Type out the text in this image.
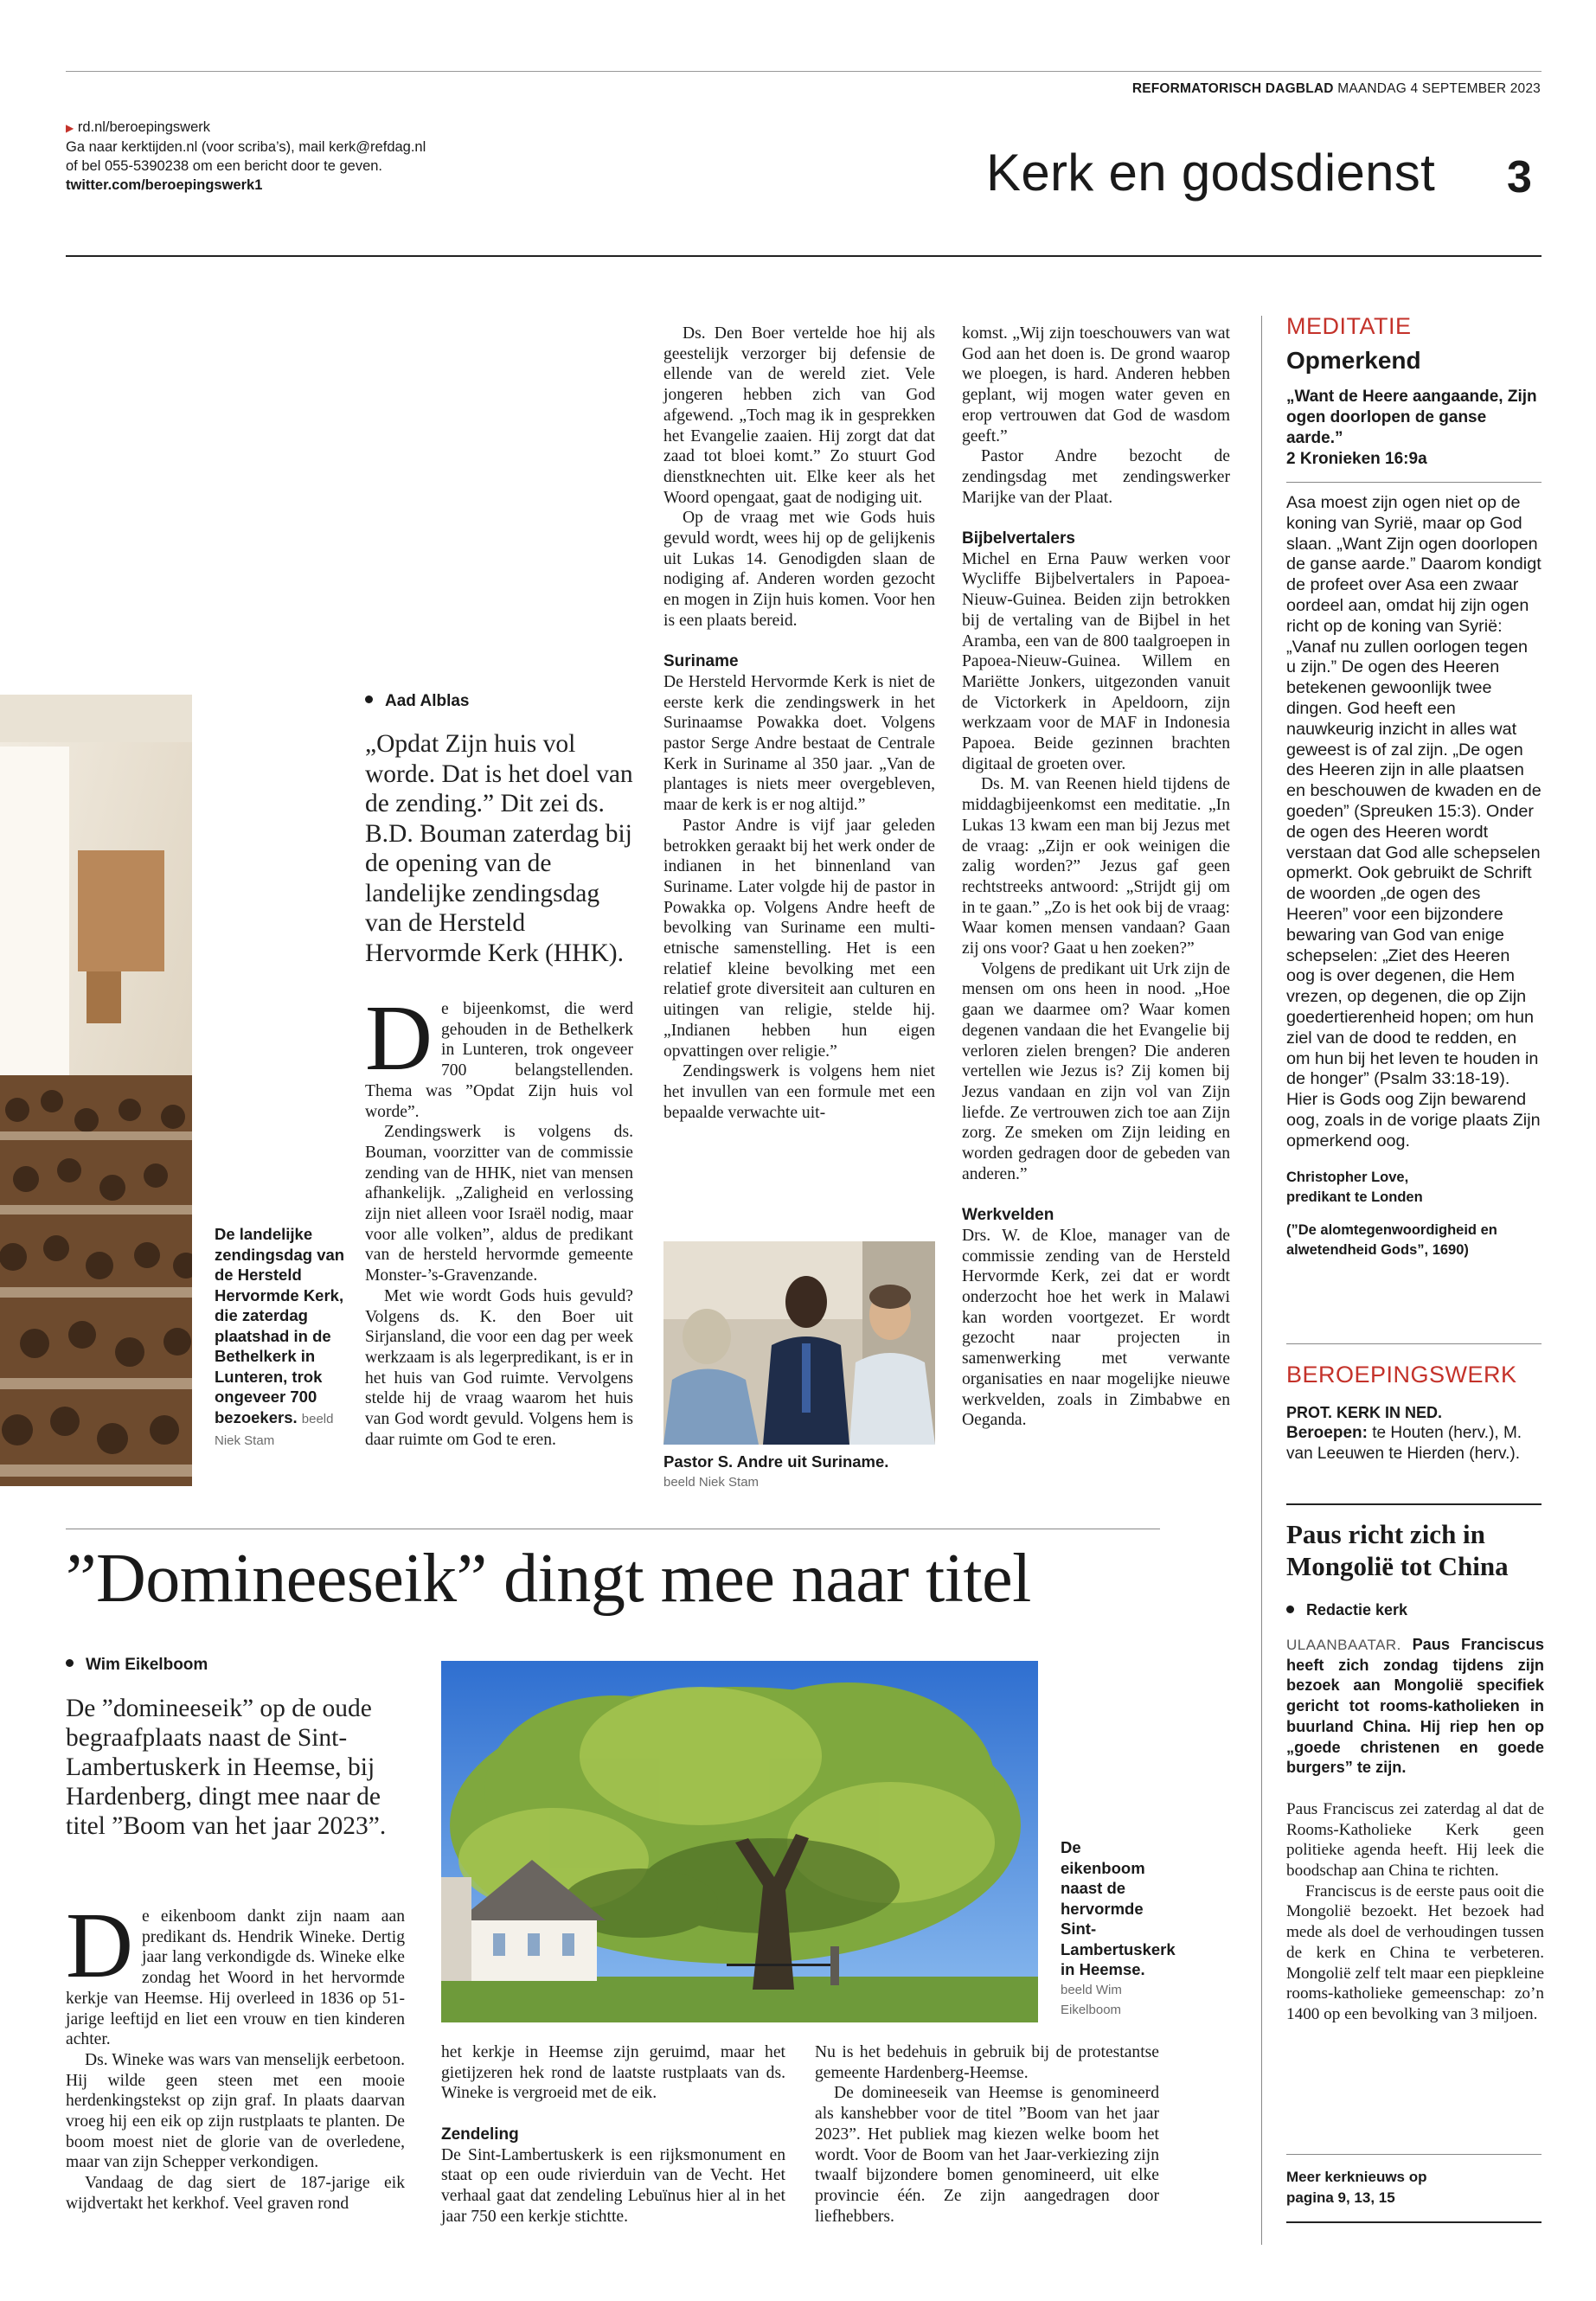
REFORMATORISCH DAGBLAD MAANDAG 4 SEPTEMBER 2023
▶ rd.nl/beroepingswerk
Ga naar kerktijden.nl (voor scriba’s), mail kerk@refdag.nl
of bel 055-5390238 om een bericht door te geven.
twitter.com/beroepingswerk1	Kerk en godsdienst 3
De landelijke zendingsdag van de Hersteld Hervormde Kerk, die zaterdag plaatshad in de Bethelkerk in Lunteren, trok ongeveer 700 bezoekers. beeld Niek Stam
Aad Alblas
„Opdat Zijn huis vol worde. Dat is het doel van de zending.” Dit zei ds. B.D. Bouman zaterdag bij de opening van de landelijke zendingsdag van de Hersteld Hervormde Kerk (HHK).
D e bijeenkomst, die werd gehouden in de Bethelkerk in Lunteren, trok ongeveer 700 belangstellenden. Thema was ”Opdat Zijn huis vol worde”.

Zendingswerk is volgens ds. Bouman, voorzitter van de commissie zending van de HHK, niet van mensen afhankelijk. „Zaligheid en verlossing zijn niet alleen voor Israël nodig, maar voor alle volken”, aldus de predikant van de hersteld hervormde gemeente Monster-’s-Gravenzande.

Met wie wordt Gods huis gevuld? Volgens ds. K. den Boer uit Sirjansland, die voor een dag per week werkzaam is als legerpredikant, is er in het huis van God ruimte. Vervolgens stelde hij de vraag waarom het huis van God wordt gevuld. Volgens hem is daar ruimte om God te eren.

Ds. Den Boer vertelde hoe hij als geestelijk verzorger bij defensie de ellende van de wereld ziet. Vele jongeren hebben zich van God afgewend. „Toch mag ik in gesprekken het Evangelie zaaien. Hij zorgt dat dat zaad tot bloei komt.” Zo stuurt God dienstknechten uit. Elke keer als het Woord opengaat, gaat de nodiging uit.

Op de vraag met wie Gods huis gevuld wordt, wees hij op de gelijkenis uit Lukas 14. Genodigden slaan de nodiging af. Anderen worden gezocht en mogen in Zijn huis komen. Voor hen is een plaats bereid.

Suriname

De Hersteld Hervormde Kerk is niet de eerste kerk die zendingswerk in het Surinaamse Powakka doet. Volgens pastor Serge Andre bestaat de Centrale Kerk in Suriname al 350 jaar. „Van de plantages is niets meer overgebleven, maar de kerk is er nog altijd.”

Pastor Andre is vijf jaar geleden betrokken geraakt bij het werk onder de indianen in het binnenland van Suriname. Later volgde hij de pastor in Powakka op. Volgens Andre heeft de bevolking van Suriname een multi-etnische samenstelling. Het is een relatief kleine bevolking met een relatief grote diversiteit aan culturen en uitingen van religie, stelde hij. „Indianen hebben hun eigen opvattingen over religie.”

Zendingswerk is volgens hem niet het invullen van een formule met een bepaalde verwachte uit-

Pastor S. Andre uit Suriname.
beeld Niek Stam

komst. „Wij zijn toeschouwers van wat God aan het doen is. De grond waarop we ploegen, is hard. Anderen hebben geplant, wij mogen water geven en erop vertrouwen dat God de wasdom geeft.”

Pastor Andre bezocht de zendingsdag met zendingswerker Marijke van der Plaat.

Bijbelvertalers

Michel en Erna Pauw werken voor Wycliffe Bijbelvertalers in Papoea-Nieuw-Guinea. Beiden zijn betrokken bij de vertaling van de Bijbel in het Aramba, een van de 800 taalgroepen in Papoea-Nieuw-Guinea. Willem en Mariëtte Jonkers, uitgezonden vanuit de Victorkerk in Apeldoorn, zijn werkzaam voor de MAF in Indonesia Papoea. Beide gezinnen brachten digitaal de groeten over.

Ds. M. van Reenen hield tijdens de middagbijeenkomst een meditatie. „In Lukas 13 kwam een man bij Jezus met de vraag: „Zijn er ook weinigen die zalig worden?” Jezus gaf geen rechtstreeks antwoord: „Strijdt gij om in te gaan.” „Zo is het ook bij de vraag: Waar komen mensen vandaan? Gaan zij ons voor? Gaat u hen zoeken?”

Volgens de predikant uit Urk zijn de mensen om ons heen in nood. „Hoe gaan we daarmee om? Waar komen degenen vandaan die het Evangelie bij verloren zielen brengen? Die anderen vertellen wie Jezus is? Zij komen bij Jezus vandaan en zijn vol van Zijn liefde. Ze vertrouwen zich toe aan Zijn zorg. Ze smeken om Zijn leiding en worden gedragen door de gebeden van anderen.”

Werkvelden

Drs. W. de Kloe, manager van de commissie zending van de Hersteld Hervormde Kerk, zei dat er wordt onderzocht hoe het werk in Malawi kan worden voortgezet. Er wordt gezocht naar projecten in samenwerking met verwante organisaties en naar mogelijke nieuwe werkvelden, zoals in Zimbabwe en Oeganda.

MEDITATIE
Opmerkend
„Want de Heere aangaande, Zijn ogen doorlopen de ganse aarde.”
2 Kronieken 16:9a
Asa moest zijn ogen niet op de koning van Syrië, maar op God slaan. „Want Zijn ogen doorlopen de ganse aarde.” Daarom kondigt de profeet over Asa een zwaar oordeel aan, omdat hij zijn ogen richt op de koning van Syrië: „Vanaf nu zullen oorlogen tegen u zijn.” De ogen des Heeren betekenen gewoonlijk twee dingen. God heeft een nauwkeurig inzicht in alles wat geweest is of zal zijn. „De ogen des Heeren zijn in alle plaatsen en beschouwen de kwaden en de goeden” (Spreuken 15:3). Onder de ogen des Heeren wordt verstaan dat God alle schepselen opmerkt. Ook gebruikt de Schrift de woorden „de ogen des Heeren” voor een bijzondere bewaring van God van enige schepselen: „Ziet des Heeren oog is over degenen, die Hem vrezen, op degenen, die op Zijn goedertierenheid hopen; om hun ziel van de dood te redden, en om hun bij het leven te houden in de honger” (Psalm 33:18-19). Hier is Gods oog Zijn bewarend oog, zoals in de vorige plaats Zijn opmerkend oog.
Christopher Love,
predikant te Londen
(”De alomtegenwoordigheid en alwetendheid Gods”, 1690)
BEROEPINGSWERK
PROT. KERK IN NED.
Beroepen: te Houten (herv.), M. van Leeuwen te Hierden (herv.).
Paus richt zich in Mongolië tot China
Redactie kerk

ULAANBAATAR. Paus Franciscus heeft zich zondag tijdens zijn bezoek aan Mongolië specifiek gericht tot rooms-katholieken in buurland China. Hij riep hen op „goede christenen en goede burgers” te zijn.

Paus Franciscus zei zaterdag al dat de Rooms-Katholieke Kerk geen politieke agenda heeft. Hij leek die boodschap aan China te richten.

Franciscus is de eerste paus ooit die Mongolië bezoekt. Het bezoek had mede als doel de verhoudingen tussen de kerk en China te verbeteren. Mongolië zelf telt maar een piepkleine rooms-katholieke gemeenschap: zo’n 1400 op een bevolking van 3 miljoen.

Meer kerknieuws op
pagina 9, 13, 15
”Domineeseik” dingt mee naar titel
Wim Eikelboom
De ”domineeseik” op de oude begraafplaats naast de Sint-Lambertuskerk in Heemse, bij Hardenberg, dingt mee naar de titel ”Boom van het jaar 2023”.
D e eikenboom dankt zijn naam aan predikant ds. Hendrik Wineke. Dertig jaar lang verkondigde ds. Wineke elke zondag het Woord in het hervormde kerkje van Heemse. Hij overleed in 1836 op 51-jarige leeftijd en liet een vrouw en tien kinderen achter.

Ds. Wineke was wars van menselijk eerbetoon. Hij wilde geen steen met een mooie herdenkingstekst op zijn graf. In plaats daarvan vroeg hij een eik op zijn rustplaats te planten. De boom moest niet de glorie van de overledene, maar van zijn Schepper verkondigen.

Vandaag de dag siert de 187-jarige eik wijdvertakt het kerkhof. Veel graven rond

De eikenboom naast de hervormde Sint-Lambertuskerk in Heemse.
beeld Wim Eikelboom

het kerkje in Heemse zijn geruimd, maar het gietijzeren hek rond de laatste rustplaats van ds. Wineke is vergroeid met de eik.

Zendeling

De Sint-Lambertuskerk is een rijksmonument en staat op een oude rivierduin van de Vecht. Het verhaal gaat dat zendeling Lebuïnus hier al in het jaar 750 een kerkje stichtte.

Nu is het bedehuis in gebruik bij de protestantse gemeente Hardenberg-Heemse.

De domineeseik van Heemse is genomineerd als kanshebber voor de titel ”Boom van het jaar 2023”. Het publiek mag kiezen welke boom het wordt. Voor de Boom van het Jaar-verkiezing zijn twaalf bijzondere bomen genomineerd, uit elke provincie één. Ze zijn aangedragen door liefhebbers.
